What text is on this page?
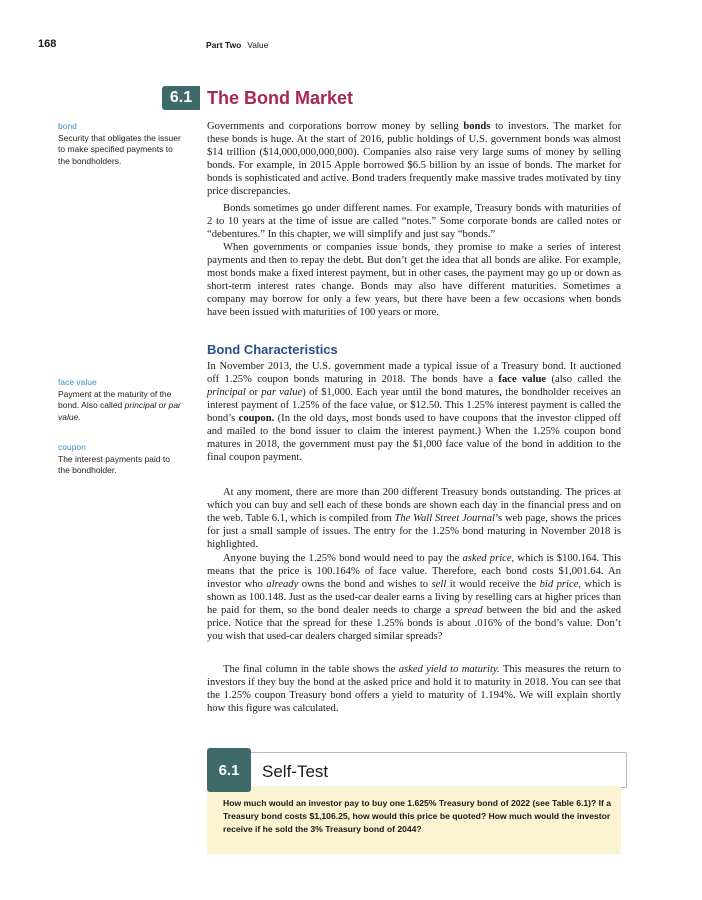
168	Part Two Value
6.1 The Bond Market
bond
Security that obligates the issuer to make specified payments to the bondholders.
face value
Payment at the maturity of the bond. Also called principal or par value.
coupon
The interest payments paid to the bondholder.

Governments and corporations borrow money by selling bonds to investors. The market for these bonds is huge. At the start of 2016, public holdings of U.S. government bonds was almost $14 trillion ($14,000,000,000,000). Companies also raise very large sums of money by selling bonds. For example, in 2015 Apple borrowed $6.5 billion by an issue of bonds. The market for bonds is sophisticated and active. Bond traders frequently make massive trades motivated by tiny price discrepancies.

Bonds sometimes go under different names. For example, Treasury bonds with maturities of 2 to 10 years at the time of issue are called “notes.” Some corporate bonds are called notes or “debentures.” In this chapter, we will simplify and just say “bonds.”

When governments or companies issue bonds, they promise to make a series of interest payments and then to repay the debt. But don’t get the idea that all bonds are alike. For example, most bonds make a fixed interest payment, but in other cases, the payment may go up or down as short-term interest rates change. Bonds may also have different maturities. Sometimes a company may borrow for only a few years, but there have been a few occasions when bonds have been issued with maturities of 100 years or more.

Bond Characteristics

In November 2013, the U.S. government made a typical issue of a Treasury bond. It auctioned off 1.25% coupon bonds maturing in 2018. The bonds have a face value (also called the principal or par value) of $1,000. Each year until the bond matures, the bondholder receives an interest payment of 1.25% of the face value, or $12.50. This 1.25% interest payment is called the bond’s coupon. (In the old days, most bonds used to have coupons that the investor clipped off and mailed to the bond issuer to claim the interest payment.) When the 1.25% coupon bond matures in 2018, the government must pay the $1,000 face value of the bond in addition to the final coupon payment.

At any moment, there are more than 200 different Treasury bonds outstanding. The prices at which you can buy and sell each of these bonds are shown each day in the financial press and on the web. Table 6.1, which is compiled from The Wall Street Journal’s web page, shows the prices for just a small sample of issues. The entry for the 1.25% bond maturing in November 2018 is highlighted.

Anyone buying the 1.25% bond would need to pay the asked price, which is $100.164. This means that the price is 100.164% of face value. Therefore, each bond costs $1,001.64. An investor who already owns the bond and wishes to sell it would receive the bid price, which is shown as 100.148. Just as the used-car dealer earns a living by reselling cars at higher prices than he paid for them, so the bond dealer needs to charge a spread between the bid and the asked price. Notice that the spread for these 1.25% bonds is about .016% of the bond’s value. Don’t you wish that used-car dealers charged similar spreads?

The final column in the table shows the asked yield to maturity. This measures the return to investors if they buy the bond at the asked price and hold it to maturity in 2018. You can see that the 1.25% coupon Treasury bond offers a yield to maturity of 1.194%. We will explain shortly how this figure was calculated.

6.1	Self-Test

How much would an investor pay to buy one 1.625% Treasury bond of 2022 (see Table 6.1)? If a Treasury bond costs $1,106.25, how would this price be quoted? How much would the investor receive if he sold the 3% Treasury bond of 2044?
